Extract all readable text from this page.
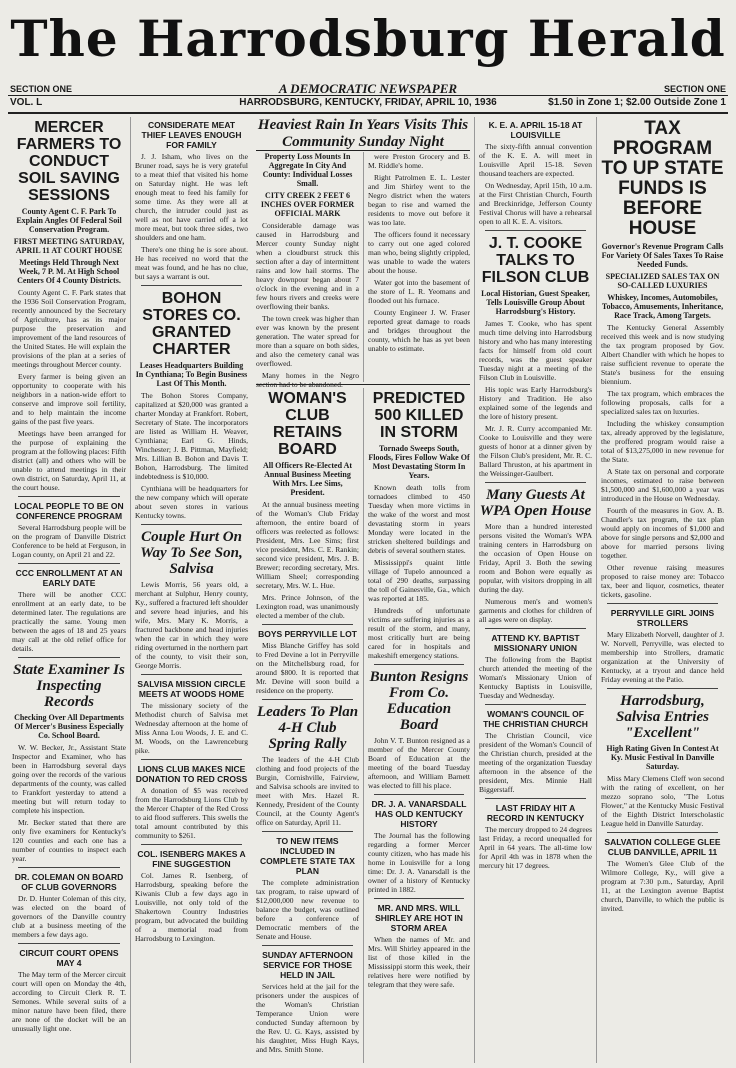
The Harrodsburg Herald
SECTION ONE	SECTION ONE
A DEMOCRATIC NEWSPAPER
VOL. L	HARRODSBURG, KENTUCKY, FRIDAY, APRIL 10, 1936	$1.50 in Zone 1; $2.00 Outside Zone 1
MERCER FARMERS TO CONDUCT SOIL SAVING SESSIONS
County Agent C. F. Park To Explain Angles Of Federal Soil Conservation Program.
FIRST MEETING SATURDAY, APRIL 11 AT COURT HOUSE
Meetings Held Through Next Week, 7 P. M. At High School Centers Of 4 County Districts.

County Agent C. F. Park states that the 1936 Soil Conservation Program, recently announced by the Secretary of Agriculture, has as its major purpose the preservation and improvement of the land resources of the United States. He will explain the provisions of the plan at a series of meetings throughout Mercer county.

Every farmer is being given an opportunity to cooperate with his neighbors in a nation-wide effort to conserve and improve soil fertility, and to help maintain the income gains of the past five years.

Meetings have been arranged for the purpose of explaining the program at the following places: Fifth district (all) and others who will be unable to attend meetings in their own district, on Saturday, April 11, at the court house.

LOCAL PEOPLE TO BE ON CONFERENCE PROGRAM

Several Harrodsburg people will be on the program of Danville District Conference to be held at Ferguson, in Logan county, on April 21 and 22.

CCC ENROLLMENT AT AN EARLY DATE

There will be another CCC enrollment at an early date, to be determined later. The regulations are practically the same. Young men between the ages of 18 and 25 years may call at the old relief office for details.

State Examiner Is Inspecting Records
Checking Over All Departments Of Mercer's Business Especially Co. School Board.

W. W. Becker, Jr., Assistant State Inspector and Examiner, who has been in Harrodsburg several days going over the records of the various departments of the county, was called to Frankfort yesterday to attend a meeting but will return today to complete his inspection.

Mr. Becker stated that there are only five examiners for Kentucky's 120 counties and each one has a number of counties to inspect each year.

DR. COLEMAN ON BOARD OF CLUB GOVERNORS

Dr. D. Hunter Coleman of this city, was elected on the board of governors of the Danville country club at a business meeting of the members a few days ago.

CIRCUIT COURT OPENS MAY 4

The May term of the Mercer circuit court will open on Monday the 4th, according to Circuit Clerk R. T. Semones. While several suits of a minor nature have been filed, there are none of the docket will be an unusually light one.

CONSIDERATE MEAT THIEF LEAVES ENOUGH FOR FAMILY

J. J. Isham, who lives on the Bruner road, says he is very grateful to a meat thief that visited his home on Saturday night. He was left enough meat to feed his family for some time. As they were all at church, the intruder could just as well as not have carried off a lot more meat, but took three sides, two shoulders and one ham.

There's one thing he is sore about. He has received no word that the meat was found, and he has no clue, but says a warrant is out.

BOHON STORES CO. GRANTED CHARTER
Leases Headquarters Building In Cynthiana; To Begin Business Last Of This Month.

The Bohon Stores Company, capitalized at $20,000 was granted a charter Monday at Frankfort. Robert, Secretary of State. The incorporators are listed as William H. Weaver, Cynthiana; Earl G. Hinds, Winchester; J. B. Pittman, Mayfield; Mrs. Lillian B. Bohon and Davis T. Bohon, Harrodsburg. The limited indebtedness is $10,000.

Cynthiana will be headquarters for the new company which will operate about seven stores in various Kentucky towns.

Couple Hurt On Way To See Son, Salvisa

Lewis Morris, 56 years old, a merchant at Sulphur, Henry county, Ky., suffered a fractured left shoulder and severe head injuries, and his wife, Mrs. Mary K. Morris, a fractured backbone and head injuries when the car in which they were riding overturned in the northern part of the county, to visit their son, George Morris.

SALVISA MISSION CIRCLE MEETS AT WOODS HOME

The missionary society of the Methodist church of Salvisa met Wednesday afternoon at the home of Miss Anna Lou Woods, J. E. and C. M. Woods, on the Lawrenceburg pike.

LIONS CLUB MAKES NICE DONATION TO RED CROSS

A donation of $5 was received from the Harrodsburg Lions Club by the Mercer Chapter of the Red Cross to aid flood sufferers. This swells the total amount contributed by this community to $261.

COL. ISENBERG MAKES A FINE SUGGESTION

Col. James R. Isenberg, of Harrodsburg, speaking before the Kiwanis Club a few days ago in Louisville, not only told of the Shakertown Country Industries program, but advocated the building of a memorial road from Harrodsburg to Lexington.

Heaviest Rain In Years Visits This Community Sunday Night
Property Loss Mounts In Aggregate In City And County: Individual Losses Small.
CITY CREEK 2 FEET 6 INCHES OVER FORMER OFFICIAL MARK

Considerable damage was caused in Harrodsburg and Mercer county Sunday night when a cloudburst struck this section after a day of intermittent rains and low hail storms. The heavy downpour began about 7 o'clock in the evening and in a few hours rivers and creeks were overflowing their banks.

The town creek was higher than ever was known by the present generation. The water spread for more than a square on both sides, and also the cemetery canal was overflowed.

Many homes in the Negro section had to be abandoned.

were Preston Grocery and B. M. Riddle's home.

Right Patrolmen E. L. Lester and Jim Shirley went to the Negro district when the waters began to rise and warned the residents to move out before it was too late.

The officers found it necessary to carry out one aged colored man who, being slightly crippled, was unable to wade the waters about the house.

Water got into the basement of the store of L. R. Yeomans and flooded out his furnace.

County Engineer J. W. Fraser reported great damage to roads and bridges throughout the county, which he has as yet been unable to estimate.

WOMAN'S CLUB RETAINS BOARD
All Officers Re-Elected At Annual Business Meeting With Mrs. Lee Sims, President.

At the annual business meeting of the Woman's Club Friday afternoon, the entire board of officers was reelected as follows: President, Mrs. Lee Sims; first vice president, Mrs. C. E. Rankin; second vice president, Mrs. J. B. Brewer; recording secretary, Mrs. William Sheel; corresponding secretary, Mrs. W. L. Hue.

Mrs. Prince Johnson, of the Lexington road, was unanimously elected a member of the club.

BOYS PERRYVILLE LOT

Miss Blanche Griffey has sold to Fred Devine a lot in Perryville on the Mitchellsburg road, for around $800. It is reported that Mr. Devine will soon build a residence on the property.

Leaders To Plan 4-H Club Spring Rally

The leaders of the 4-H Club clothing and food projects of the Burgin, Cornishville, Fairview, and Salvisa schools are invited to meet with Mrs. Hazel R. Kennedy, President of the County Council, at the County Agent's office on Saturday, April 11.

TO NEW ITEMS INCLUDED IN COMPLETE STATE TAX PLAN

The complete administration tax program, to raise upward of $12,000,000 new revenue to balance the budget, was outlined before a conference of Democratic members of the Senate and House.

SUNDAY AFTERNOON SERVICE FOR THOSE HELD IN JAIL

Services held at the jail for the prisoners under the auspices of the Woman's Christian Temperance Union were conducted Sunday afternoon by the Rev. U. G. Kays, assisted by his daughter, Miss Hugh Kays, and Mrs. Smith Stone.

PREDICTED 500 KILLED IN STORM
Tornado Sweeps South, Floods, Fires Follow Wake Of Most Devastating Storm In Years.

Known death tolls from tornadoes climbed to 450 Tuesday when more victims in the wake of the worst and most devastating storm in years Monday were located in the stricken sheltered buildings and debris of several southern states.

Mississippi's quaint little village of Tupelo announced a total of 290 deaths, surpassing the toll of Gainesville, Ga., which was reported at 185.

Hundreds of unfortunate victims are suffering injuries as a result of the storm, and many, most critically hurt are being cared for in hospitals and makeshift emergency stations.

Bunton Resigns From Co. Education Board

John V. T. Bunton resigned as a member of the Mercer County Board of Education at the meeting of the board Tuesday afternoon, and William Barnett was elected to fill his place.

DR. J. A. VANARSDALL HAS OLD KENTUCKY HISTORY

The Journal has the following regarding a former Mercer county citizen, who has made his home in Louisville for a long time: Dr. J. A. Vanarsdall is the owner of a history of Kentucky printed in 1882.

MR. AND MRS. WILL SHIRLEY ARE HOT IN STORM AREA

When the names of Mr. and Mrs. Will Shirley appeared in the list of those killed in the Mississippi storm this week, their relatives here were notified by telegram that they were safe.

K. E. A. APRIL 15-18 AT LOUISVILLE

The sixty-fifth annual convention of the K. E. A. will meet in Louisville April 15-18. Seven thousand teachers are expected.

On Wednesday, April 15th, 10 a.m. at the First Christian Church, Fourth and Breckinridge, Jefferson County Festival Chorus will have a rehearsal open to all K. E. A. visitors.

J. T. COOKE TALKS TO FILSON CLUB
Local Historian, Guest Speaker, Tells Louisville Group About Harrodsburg's History.

James T. Cooke, who has spent much time delving into Harrodsburg history and who has many interesting facts for himself from old court records, was the guest speaker Tuesday night at a meeting of the Filson Club in Louisville.

His topic was Early Harrodsburg's History and Tradition. He also explained some of the legends and the lore of history present.

Mr. J. R. Curry accompanied Mr. Cooke to Louisville and they were guests of honor at a dinner given by the Filson Club's president, Mr. R. C. Ballard Thruston, at his apartment in the Weissinger-Gaulbert.

Many Guests At WPA Open House

More than a hundred interested persons visited the Woman's WPA training centers in Harrodsburg on the occasion of Open House on Friday, April 3. Both the sewing room and Bohon were equally as popular, with visitors dropping in all during the day.

Numerous men's and women's garments and clothes for children of all ages were on display.

ATTEND KY. BAPTIST MISSIONARY UNION

The following from the Baptist church attended the meeting of the Woman's Missionary Union of Kentucky Baptists in Louisville, Tuesday and Wednesday.

WOMAN'S COUNCIL OF THE CHRISTIAN CHURCH

The Christian Council, vice president of the Woman's Council of the Christian church, presided at the meeting of the organization Tuesday afternoon in the absence of the president, Mrs. Minnie Hall Biggerstaff.

LAST FRIDAY HIT A RECORD IN KENTUCKY

The mercury dropped to 24 degrees last Friday, a record unequalled for April in 64 years. The all-time low for April 4th was in 1878 when the mercury hit 17 degrees.

TAX PROGRAM TO UP STATE FUNDS IS BEFORE HOUSE
Governor's Revenue Program Calls For Variety Of Sales Taxes To Raise Needed Funds.
SPECIALIZED SALES TAX ON SO-CALLED LUXURIES
Whiskey, Incomes, Automobiles, Tobacco, Amusements, Inheritance, Race Track, Among Targets.

The Kentucky General Assembly received this week and is now studying the tax program proposed by Gov. Albert Chandler with which he hopes to raise sufficient revenue to operate the State's business for the ensuing biennium.

The tax program, which embraces the following proposals, calls for a specialized sales tax on luxuries.

Including the whiskey consumption tax, already approved by the legislature, the proffered program would raise a total of $13,275,000 in new revenue for the State.

A State tax on personal and corporate incomes, estimated to raise between $1,500,000 and $1,600,000 a year was introduced in the House on Wednesday.

Fourth of the measures in Gov. A. B. Chandler's tax program, the tax plan would apply on incomes of $1,000 and above for single persons and $2,000 and above for married persons living together.

Other revenue raising measures proposed to raise money are: Tobacco tax, beer and liquor, cosmetics, theater tickets, gasoline.

PERRYVILLE GIRL JOINS STROLLERS

Mary Elizabeth Norvell, daughter of J. W. Norvell, Perryville, was elected to membership into Strollers, dramatic organization at the University of Kentucky, at a tryout and dance held Friday evening at the Patio.

Harrodsburg, Salvisa Entries "Excellent"
High Rating Given In Contest At Ky. Music Festival In Danville Saturday.

Miss Mary Clemens Cleff won second with the rating of excellent, on her mezzo soprano solo, "The Lotus Flower," at the Kentucky Music Festival of the Eighth District Interscholastic League held in Danville Saturday.

SALVATION COLLEGE GLEE CLUB DANVILLE, APRIL 11

The Women's Glee Club of the Wilmore College, Ky., will give a program at 7:30 p.m., Saturday, April 11, at the Lexington avenue Baptist church, Danville, to which the public is invited.
